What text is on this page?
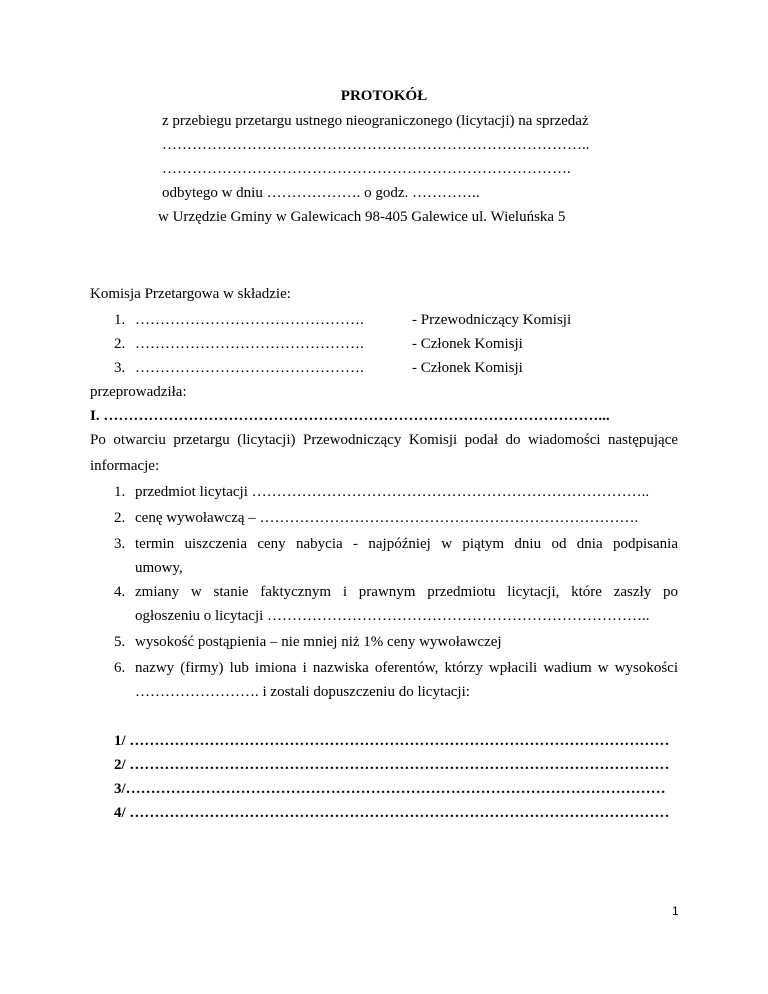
PROTOKÓŁ
z przebiegu przetargu ustnego nieograniczonego (licytacji) na sprzedaż
…………………………………………………………………………..
……………………………………………………………………….
odbytego w dniu ………………. o godz. …………..
w Urzędzie Gminy w Galewicach 98-405 Galewice ul. Wieluńska 5
Komisja Przetargowa w składzie:
1. ……………………………………….	- Przewodniczący Komisji
2. ……………………………………….	- Członek Komisji
3. ……………………………………….	- Członek Komisji
przeprowadziła:
I. ………………………………………………………………………………………...
Po otwarciu przetargu (licytacji) Przewodniczący Komisji podał do wiadomości następujące
informacje:
1. przedmiot licytacji ……………………………………………………………………..
2. cenę wywoławczą – ………………………………………………………………….
3. termin uiszczenia ceny nabycia - najpóźniej w piątym dniu od dnia podpisania
umowy,
4. zmiany w stanie faktycznym i prawnym przedmiotu licytacji, które zaszły po
ogłoszeniu o licytacji …………………………………………………………………..
5. wysokość postąpienia – nie mniej niż 1% ceny wywoławczej
6. nazwy (firmy) lub imiona i nazwiska oferentów, którzy wpłacili wadium w wysokości
……………………. i zostali dopuszczeniu do licytacji:
1/ ………………………………………………………………………………………………
2/ ………………………………………………………………………………………………
3/………………………………………………………………………………………………
4/ ………………………………………………………………………………………………
1
